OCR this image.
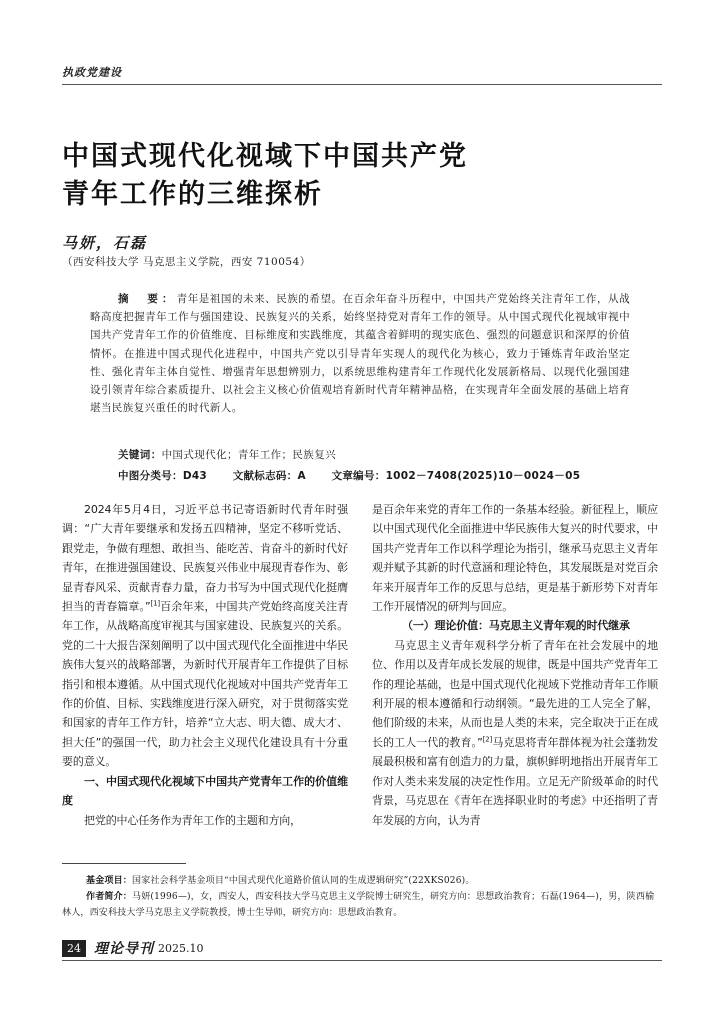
执政党建设
中国式现代化视域下中国共产党
青年工作的三维探析
马妍，石磊
（西安科技大学 马克思主义学院，西安 710054）
摘　要：青年是祖国的未来、民族的希望。在百余年奋斗历程中，中国共产党始终关注青年工作，从战略高度把握青年工作与强国建设、民族复兴的关系，始终坚持党对青年工作的领导。从中国式现代化视域审视中国共产党青年工作的价值维度、目标维度和实践维度，其蕴含着鲜明的现实底色、强烈的问题意识和深厚的价值情怀。在推进中国式现代化进程中，中国共产党以引导青年实现人的现代化为核心，致力于锤炼青年政治坚定性、强化青年主体自觉性、增强青年思想辨别力，以系统思维构建青年工作现代化发展新格局、以现代化强国建设引领青年综合素质提升、以社会主义核心价值观培育新时代青年精神品格，在实现青年全面发展的基础上培育堪当民族复兴重任的时代新人。
关键词：中国式现代化；青年工作；民族复兴
中图分类号：D43 文献标志码：A 文章编号：1002－7408(2025)10－0024－05

2024年5月4日，习近平总书记寄语新时代青年时强调：“广大青年要继承和发扬五四精神，坚定不移听党话、跟党走，争做有理想、敢担当、能吃苦、肯奋斗的新时代好青年，在推进强国建设、民族复兴伟业中展现青春作为、彰显青春风采、贡献青春力量，奋力书写为中国式现代化挺膺担当的青春篇章。”[1]百余年来，中国共产党始终高度关注青年工作，从战略高度审视其与国家建设、民族复兴的关系。党的二十大报告深刻阐明了以中国式现代化全面推进中华民族伟大复兴的战略部署，为新时代开展青年工作提供了目标指引和根本遵循。从中国式现代化视域对中国共产党青年工作的价值、目标、实践维度进行深入研究，对于贯彻落实党和国家的青年工作方针，培养“立大志、明大德、成大才、担大任”的强国一代，助力社会主义现代化建设具有十分重要的意义。

一、中国式现代化视域下中国共产党青年工作的价值维度

把党的中心任务作为青年工作的主题和方向，

是百余年来党的青年工作的一条基本经验。新征程上，顺应以中国式现代化全面推进中华民族伟大复兴的时代要求，中国共产党青年工作以科学理论为指引，继承马克思主义青年观并赋予其新的时代意涵和理论特色，其发展既是对党百余年来开展青年工作的反思与总结，更是基于新形势下对青年工作开展情况的研判与回应。

（一）理论价值：马克思主义青年观的时代继承

马克思主义青年观科学分析了青年在社会发展中的地位、作用以及青年成长发展的规律，既是中国共产党青年工作的理论基础，也是中国式现代化视域下党推动青年工作顺利开展的根本遵循和行动纲领。“最先进的工人完全了解，他们阶级的未来，从而也是人类的未来，完全取决于正在成长的工人一代的教育。”[2]马克思将青年群体视为社会蓬勃发展最积极和富有创造力的力量，旗帜鲜明地指出开展青年工作对人类未来发展的决定性作用。立足无产阶级革命的时代背景，马克思在《青年在选择职业时的考虑》中还指明了青年发展的方向，认为青

基金项目：国家社会科学基金项目“中国式现代化道路价值认同的生成逻辑研究”(22XKS026)。

作者简介：马妍(1996—)，女，西安人，西安科技大学马克思主义学院博士研究生，研究方向：思想政治教育；石磊(1964—)，男，陕西榆林人，西安科技大学马克思主义学院教授，博士生导师，研究方向：思想政治教育。

24 理论导刊 2025.10
